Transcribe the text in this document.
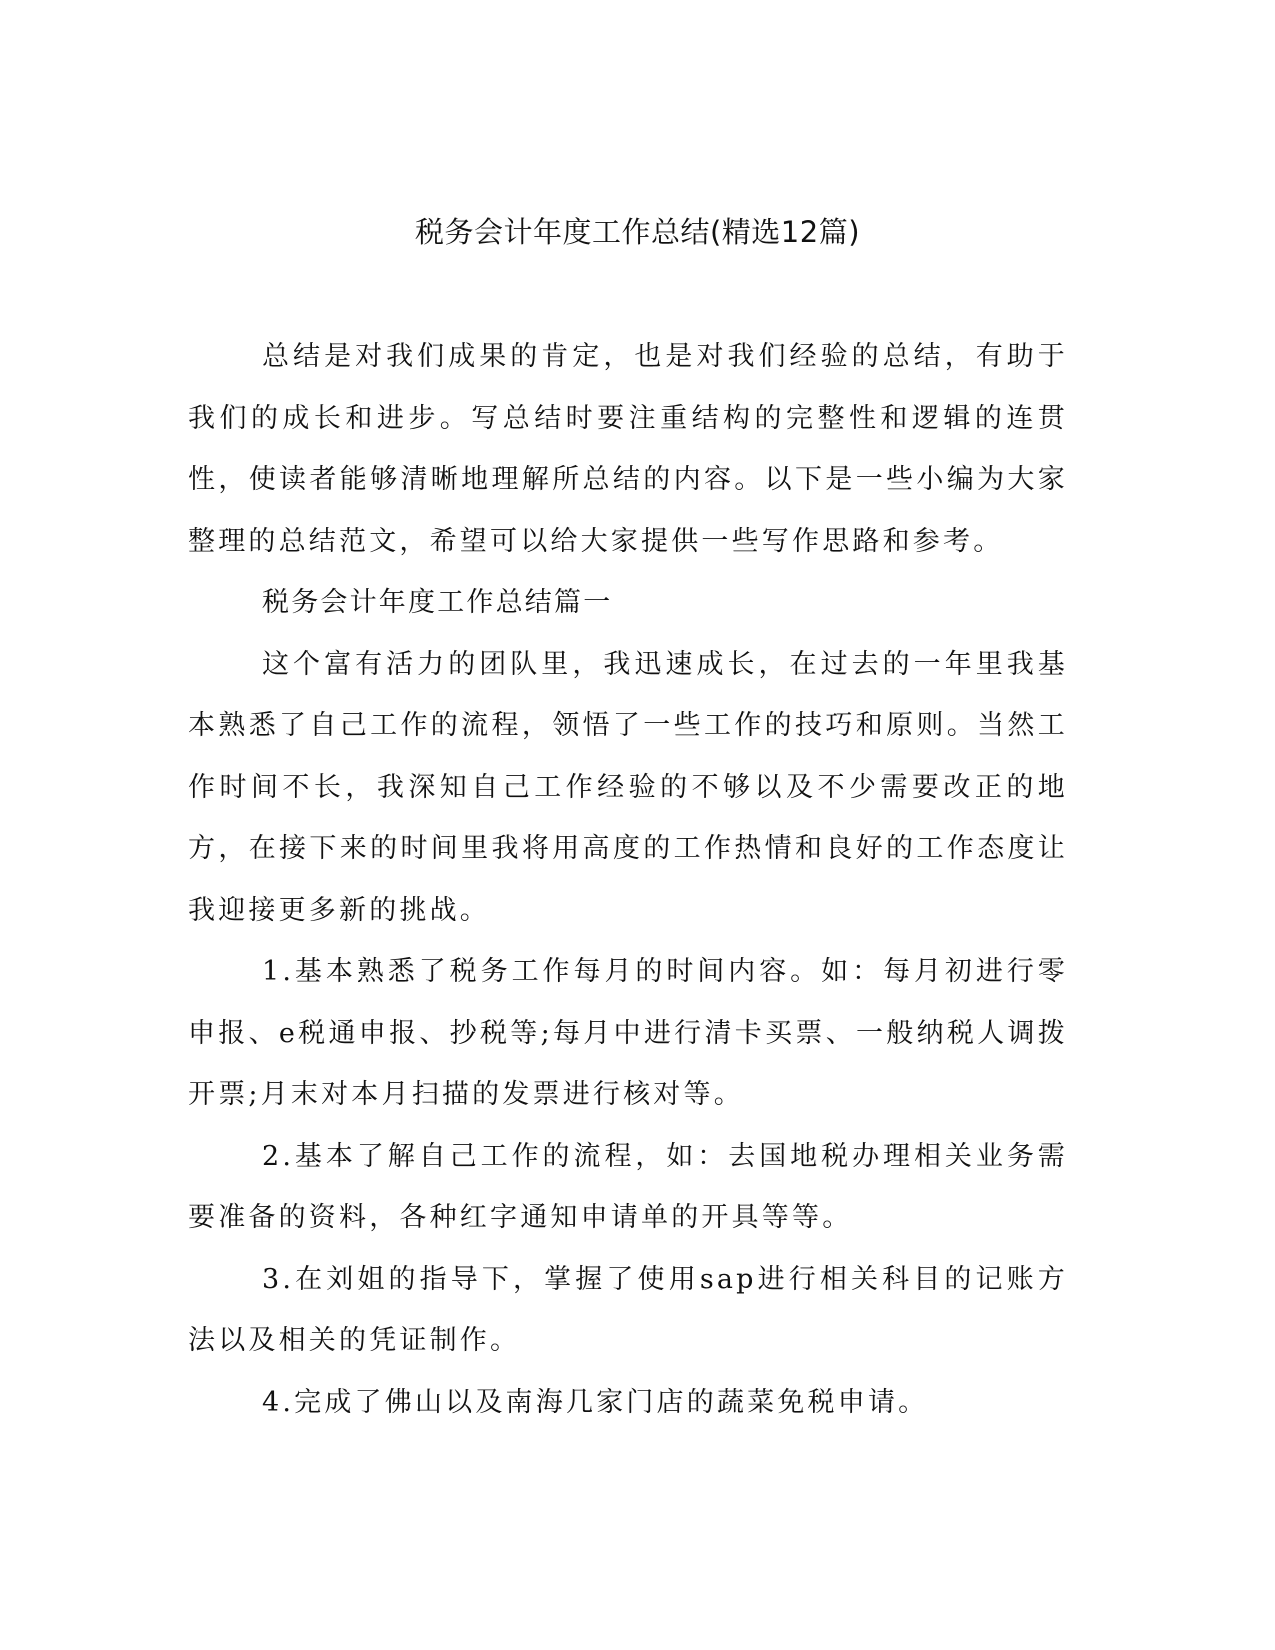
税务会计年度工作总结(精选12篇)

总结是对我们成果的肯定，也是对我们经验的总结，有助于我们的成长和进步。写总结时要注重结构的完整性和逻辑的连贯性，使读者能够清晰地理解所总结的内容。以下是一些小编为大家整理的总结范文，希望可以给大家提供一些写作思路和参考。

税务会计年度工作总结篇一

这个富有活力的团队里，我迅速成长，在过去的一年里我基本熟悉了自己工作的流程，领悟了一些工作的技巧和原则。当然工作时间不长，我深知自己工作经验的不够以及不少需要改正的地方，在接下来的时间里我将用高度的工作热情和良好的工作态度让我迎接更多新的挑战。

1.基本熟悉了税务工作每月的时间内容。如：每月初进行零申报、e税通申报、抄税等;每月中进行清卡买票、一般纳税人调拨开票;月末对本月扫描的发票进行核对等。

2.基本了解自己工作的流程，如：去国地税办理相关业务需要准备的资料，各种红字通知申请单的开具等等。

3.在刘姐的指导下，掌握了使用sap进行相关科目的记账方法以及相关的凭证制作。

4.完成了佛山以及南海几家门店的蔬菜免税申请。
